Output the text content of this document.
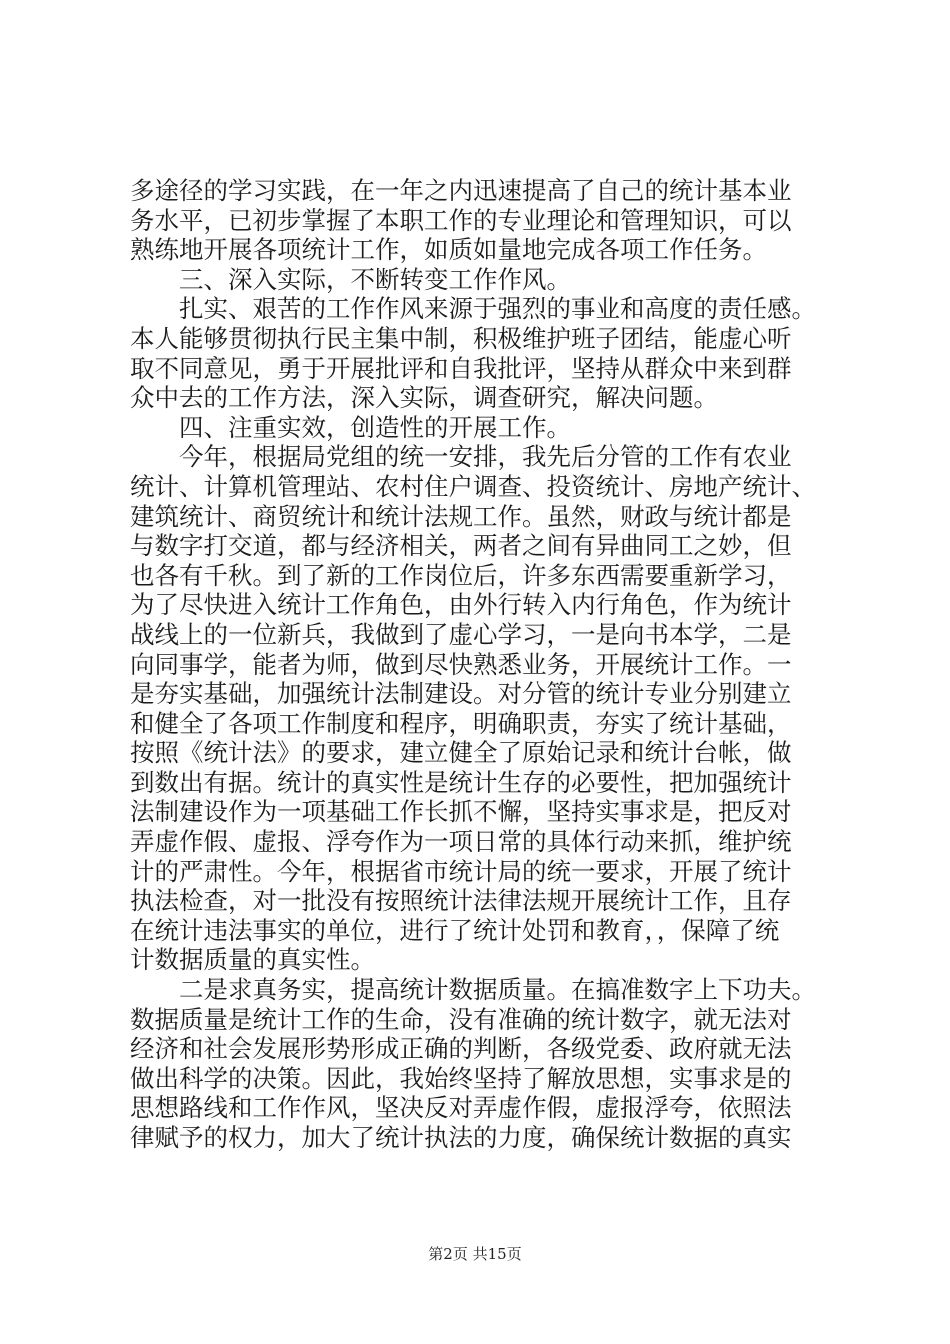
多途径的学习实践，在一年之内迅速提高了自己的统计基本业
务水平，已初步掌握了本职工作的专业理论和管理知识，可以
熟练地开展各项统计工作，如质如量地完成各项工作任务。
　　三、深入实际，不断转变工作作风。
　　扎实、艰苦的工作作风来源于强烈的事业和高度的责任感。
本人能够贯彻执行民主集中制，积极维护班子团结，能虚心听
取不同意见，勇于开展批评和自我批评，坚持从群众中来到群
众中去的工作方法，深入实际，调查研究，解决问题。
　　四、注重实效，创造性的开展工作。
　　今年，根据局党组的统一安排，我先后分管的工作有农业
统计、计算机管理站、农村住户调查、投资统计、房地产统计、
建筑统计、商贸统计和统计法规工作。虽然，财政与统计都是
与数字打交道，都与经济相关，两者之间有异曲同工之妙，但
也各有千秋。到了新的工作岗位后，许多东西需要重新学习，
为了尽快进入统计工作角色，由外行转入内行角色，作为统计
战线上的一位新兵，我做到了虚心学习，一是向书本学，二是
向同事学，能者为师，做到尽快熟悉业务，开展统计工作。一
是夯实基础，加强统计法制建设。对分管的统计专业分别建立
和健全了各项工作制度和程序，明确职责，夯实了统计基础，
按照《统计法》的要求，建立健全了原始记录和统计台帐，做
到数出有据。统计的真实性是统计生存的必要性，把加强统计
法制建设作为一项基础工作长抓不懈，坚持实事求是，把反对
弄虚作假、虚报、浮夸作为一项日常的具体行动来抓，维护统
计的严肃性。今年，根据省市统计局的统一要求，开展了统计
执法检查，对一批没有按照统计法律法规开展统计工作，且存
在统计违法事实的单位，进行了统计处罚和教育，，保障了统
计数据质量的真实性。
　　二是求真务实，提高统计数据质量。在搞准数字上下功夫。
数据质量是统计工作的生命，没有准确的统计数字，就无法对
经济和社会发展形势形成正确的判断，各级党委、政府就无法
做出科学的决策。因此，我始终坚持了解放思想，实事求是的
思想路线和工作作风，坚决反对弄虚作假，虚报浮夸，依照法
律赋予的权力，加大了统计执法的力度，确保统计数据的真实
第2页 共15页
